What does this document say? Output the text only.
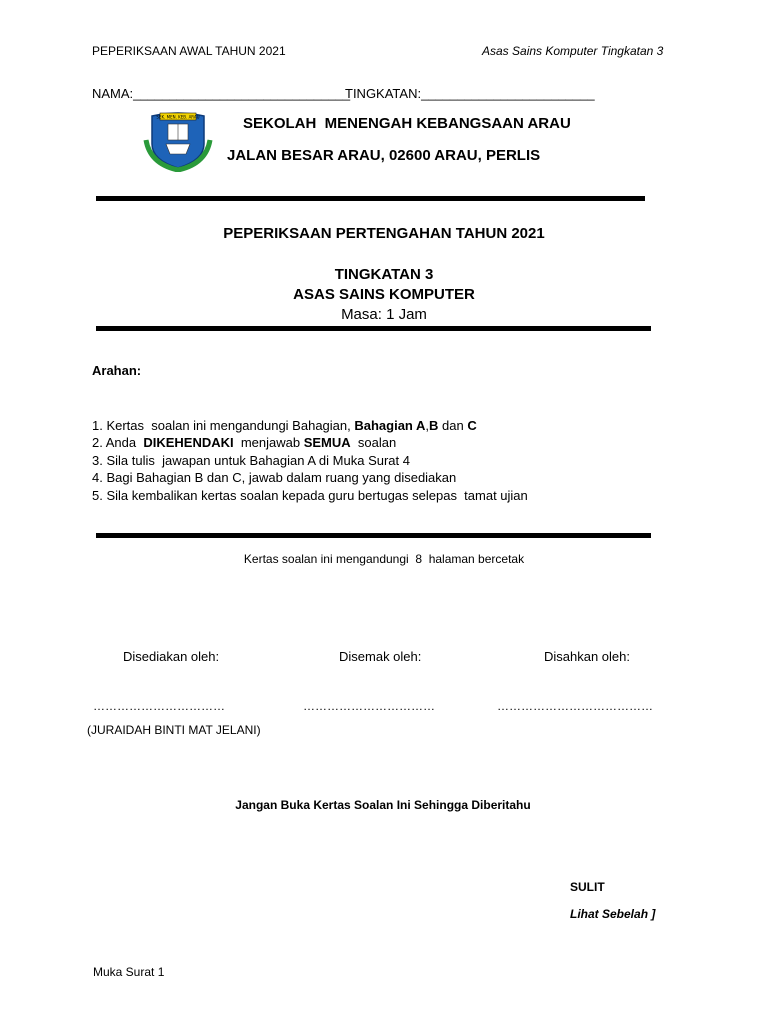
PEPERIKSAAN AWAL TAHUN 2021	Asas Sains Komputer Tingkatan 3
NAMA:______________________________
TINGKATAN:________________________
SEK. MEN. KEB. ARAU	SEKOLAH  MENENGAH KEBANGSAAN ARAU
JALAN BESAR ARAU, 02600 ARAU, PERLIS
PEPERIKSAAN PERTENGAHAN TAHUN 2021
TINGKATAN 3
ASAS SAINS KOMPUTER
Masa: 1 Jam
Arahan:
1. Kertas  soalan ini mengandungi Bahagian, Bahagian A,B dan C
2. Anda  DIKEHENDAKI  menjawab SEMUA  soalan
3. Sila tulis  jawapan untuk Bahagian A di Muka Surat 4
4. Bagi Bahagian B dan C, jawab dalam ruang yang disediakan
5. Sila kembalikan kertas soalan kepada guru bertugas selepas  tamat ujian
Kertas soalan ini mengandungi  8  halaman bercetak
Disediakan oleh:	Disemak oleh:	Disahkan oleh:
……………………………	……………………………	…………………………………
(JURAIDAH BINTI MAT JELANI)
Jangan Buka Kertas Soalan Ini Sehingga Diberitahu
SULIT
Lihat Sebelah ]
Muka Surat 1
